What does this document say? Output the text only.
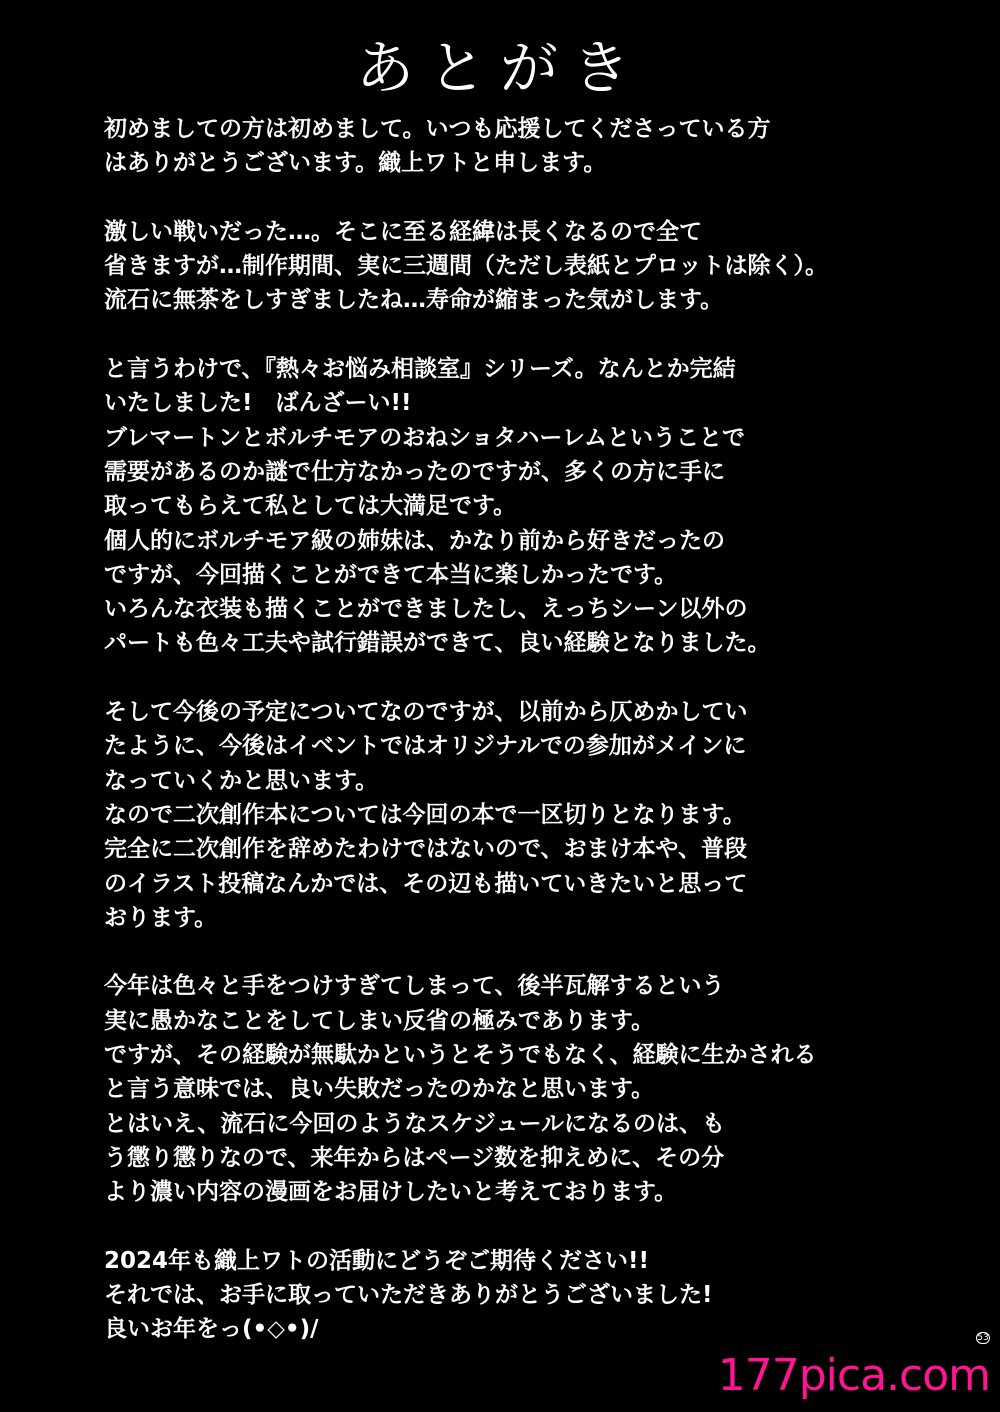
あとがき
初めましての方は初めまして。いつも応援してくださっている方
はありがとうございます。織上ワトと申します。
激しい戦いだった…。そこに至る経緯は長くなるので全て
省きますが…制作期間、実に三週間（ただし表紙とプロットは除く）。
流石に無茶をしすぎましたね…寿命が縮まった気がします。
と言うわけで、『熱々お悩み相談室』シリーズ。なんとか完結
いたしました!　ばんざーい!!
ブレマートンとボルチモアのおねショタハーレムということで
需要があるのか謎で仕方なかったのですが、多くの方に手に
取ってもらえて私としては大満足です。
個人的にボルチモア級の姉妹は、かなり前から好きだったの
ですが、今回描くことができて本当に楽しかったです。
いろんな衣装も描くことができましたし、えっちシーン以外の
パートも色々工夫や試行錯誤ができて、良い経験となりました。
そして今後の予定についてなのですが、以前から仄めかしてい
たように、今後はイベントではオリジナルでの参加がメインに
なっていくかと思います。
なので二次創作本については今回の本で一区切りとなります。
完全に二次創作を辞めたわけではないので、おまけ本や、普段
のイラスト投稿なんかでは、その辺も描いていきたいと思って
おります。
今年は色々と手をつけすぎてしまって、後半瓦解するという
実に愚かなことをしてしまい反省の極みであります。
ですが、その経験が無駄かというとそうでもなく、経験に生かされる
と言う意味では、良い失敗だったのかなと思います。
とはいえ、流石に今回のようなスケジュールになるのは、も
う懲り懲りなので、来年からはページ数を抑えめに、その分
より濃い内容の漫画をお届けしたいと考えております。
2024年も織上ワトの活動にどうぞご期待ください!!
それでは、お手に取っていただきありがとうございました!
良いお年をっ(•◇•)/	53
177pica.com
